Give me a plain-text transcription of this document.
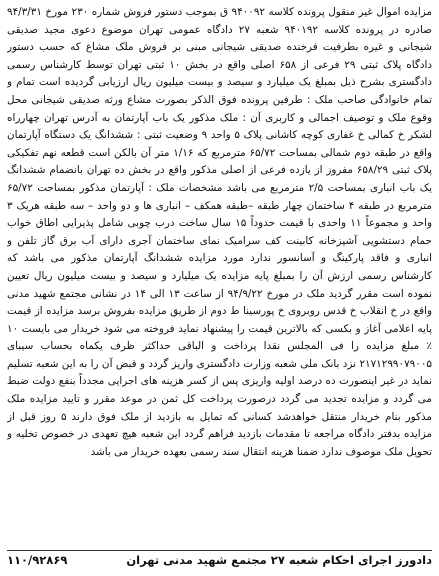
مزایده اموال غیر منقول پرونده کلاسه ۹۴۰۰۹۲ ق بموجب دستور فروش شماره ۲۳۰ مورخ ۹۴/۳/۳۱ صادره در پرونده کلاسه ۹۴۰۱۹۲ شعبه ۲۷ دادگاه عمومی تهران موضوع دعوی مجید صدیقی شیجانی و غیره بطرفیت فرخنده صدیقی شیجانی مبنی بر فروش ملک مشاع که حسب دستور دادگاه پلاک ثبتی ۲۹ فرعی از ۶۵۸ اصلی واقع در بخش ۱۰ ثبتی تهران توسط کارشناس رسمی دادگستری بشرح ذیل بمبلغ یک میلیارد و سیصد و بیست میلیون ریال ارزیابی گردیده است تمام و تمام خانوادگی صاحب ملک : طرفین پرونده فوق الذکر بصورت مشاع ورثه صدیقی شیجانی محل وقوع ملک و توصیف اجمالی و کاربری آن : ملک مذکور یک باب آپارتمان به آدرس تهران چهارراه لشکر خ کمالی خ غفاری کوچه کاشانی پلاک ۵ واحد ۹ وضعیت ثبتی : ششدانگ یک دستگاه آپارتمان واقع در طبقه دوم شمالی بمساحت ۶۵/۷۲ مترمربع که ۱/۱۶ متر آن بالکن است قطعه نهم تفکیکی پلاک ثبتی ۶۵۸/۲۹ مفروز از یازده فرعی از اصلی مذکور واقع در بخش ده تهران بانضمام ششدانگ یک باب انباری بمساحت ۲/۵ مترمربع می باشد مشخصات ملک : آپارتمان مذکور بمساحت ۶۵/۷۲ مترمربع در طبقه ۴ ساختمان چهار طبقه –طبقه همکف – انباری ها و دو واحد – سه طبقه هریک ۳ واحد و مجموعاً ۱۱ واحدی با قیمت حدوداً ۱۵ سال ساخت درب چوبی شامل پذیرایی اطاق خواب حمام دستشویی آشپزخانه کابینت کف سرامیک نمای ساختمان آجری دارای آب برق گاز تلفن و انباری و فاقد پارکینگ و آسانسور ندارد مورد مزایده ششدانگ آپارتمان مذکور می باشد که کارشناس رسمی ارزش آن را بمبلغ پایه مزایده یک میلیارد و سیصد و بیست میلیون ریال تعیین نموده است مقرر گردید ملک در مورخ ۹۴/۹/۲۲ از ساعت ۱۳ الی ۱۴ در نشانی مجتمع شهید مدنی واقع در خ انقلاب خ قدس روبروی خ پورسینا ط دوم از طریق مزایده بفروش برسد مزایده از قیمت پایه اعلامی آغاز و بکسی که بالاترین قیمت را پیشنهاد نماید فروخته می شود خریدار می بایست ۱۰ ٪ مبلغ مزایده را فی المجلس نقدا پرداخت و الباقی حداکثر ظرف یکماه بحساب سیبای ۲۱۷۱۲۹۹۰۷۹۰۰۵ نزد بانک ملی شعبه وزارت دادگستری واریز گردد و قبض آن را به این شعبه تسلیم نماید در غیر اینصورت ده درصد اولیه واریزی پس از کسر هزینه های اجرایی مجدداً بنفع دولت ضبط می گردد و مزایده تجدید می گردد درصورت پرداخت کل ثمن در موعد مقرر و تایید مزایده ملک مذکور بنام خریدار منتقل خواهدشد کسانی که تمایل به بازدید از ملک فوق دارند ۵ روز قبل از مزایده بدفتر دادگاه مراجعه تا مقدمات بازدید فراهم گردد این شعبه هیچ تعهدی در خصوص تخلیه و تحویل ملک موصوف ندارد ضمنا هزینه انتقال سند رسمی بعهده خریدار می باشد
دادورز اجرای احکام شعبه ۲۷ مجتمع شهید مدنی تهران
۱۱۰/۹۲۸۶۹
